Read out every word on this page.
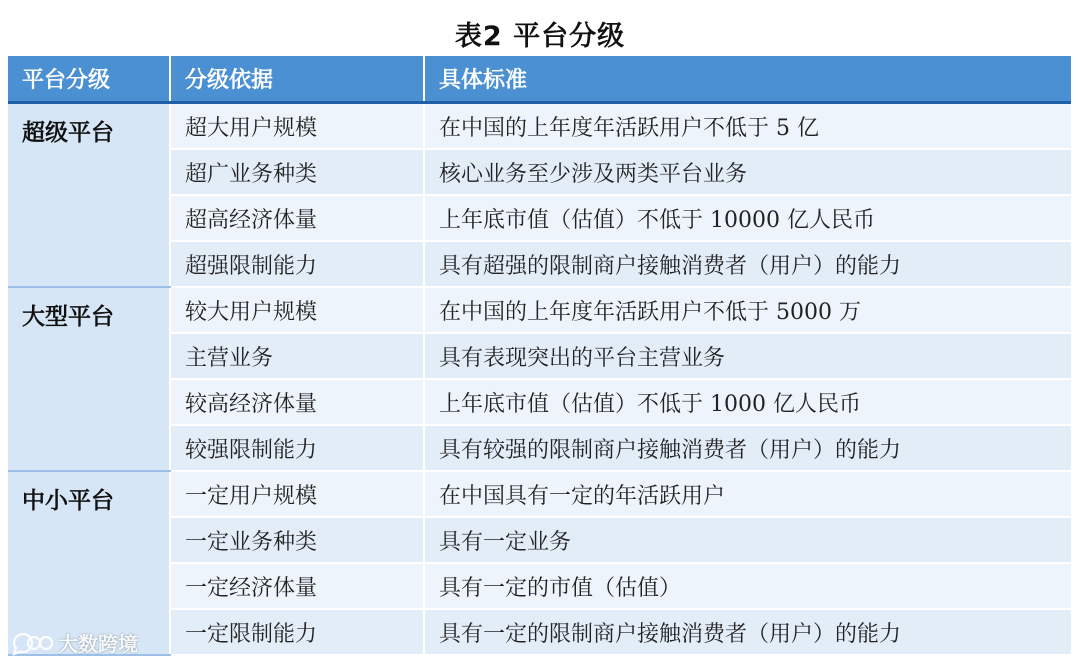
表2 平台分级
平台分级	分级依据	具体标准
超级平台	超大用户规模	在中国的上年度年活跃用户不低于 5 亿
	超广业务种类	核心业务至少涉及两类平台业务
	超高经济体量	上年底市值（估值）不低于 10000 亿人民币
	超强限制能力	具有超强的限制商户接触消费者（用户）的能力
大型平台	较大用户规模	在中国的上年度年活跃用户不低于 5000 万
	主营业务	具有表现突出的平台主营业务
	较高经济体量	上年底市值（估值）不低于 1000 亿人民币
	较强限制能力	具有较强的限制商户接触消费者（用户）的能力
中小平台	一定用户规模	在中国具有一定的年活跃用户
	一定业务种类	具有一定业务
	一定经济体量	具有一定的市值（估值）
	一定限制能力	具有一定的限制商户接触消费者（用户）的能力
大数跨境
